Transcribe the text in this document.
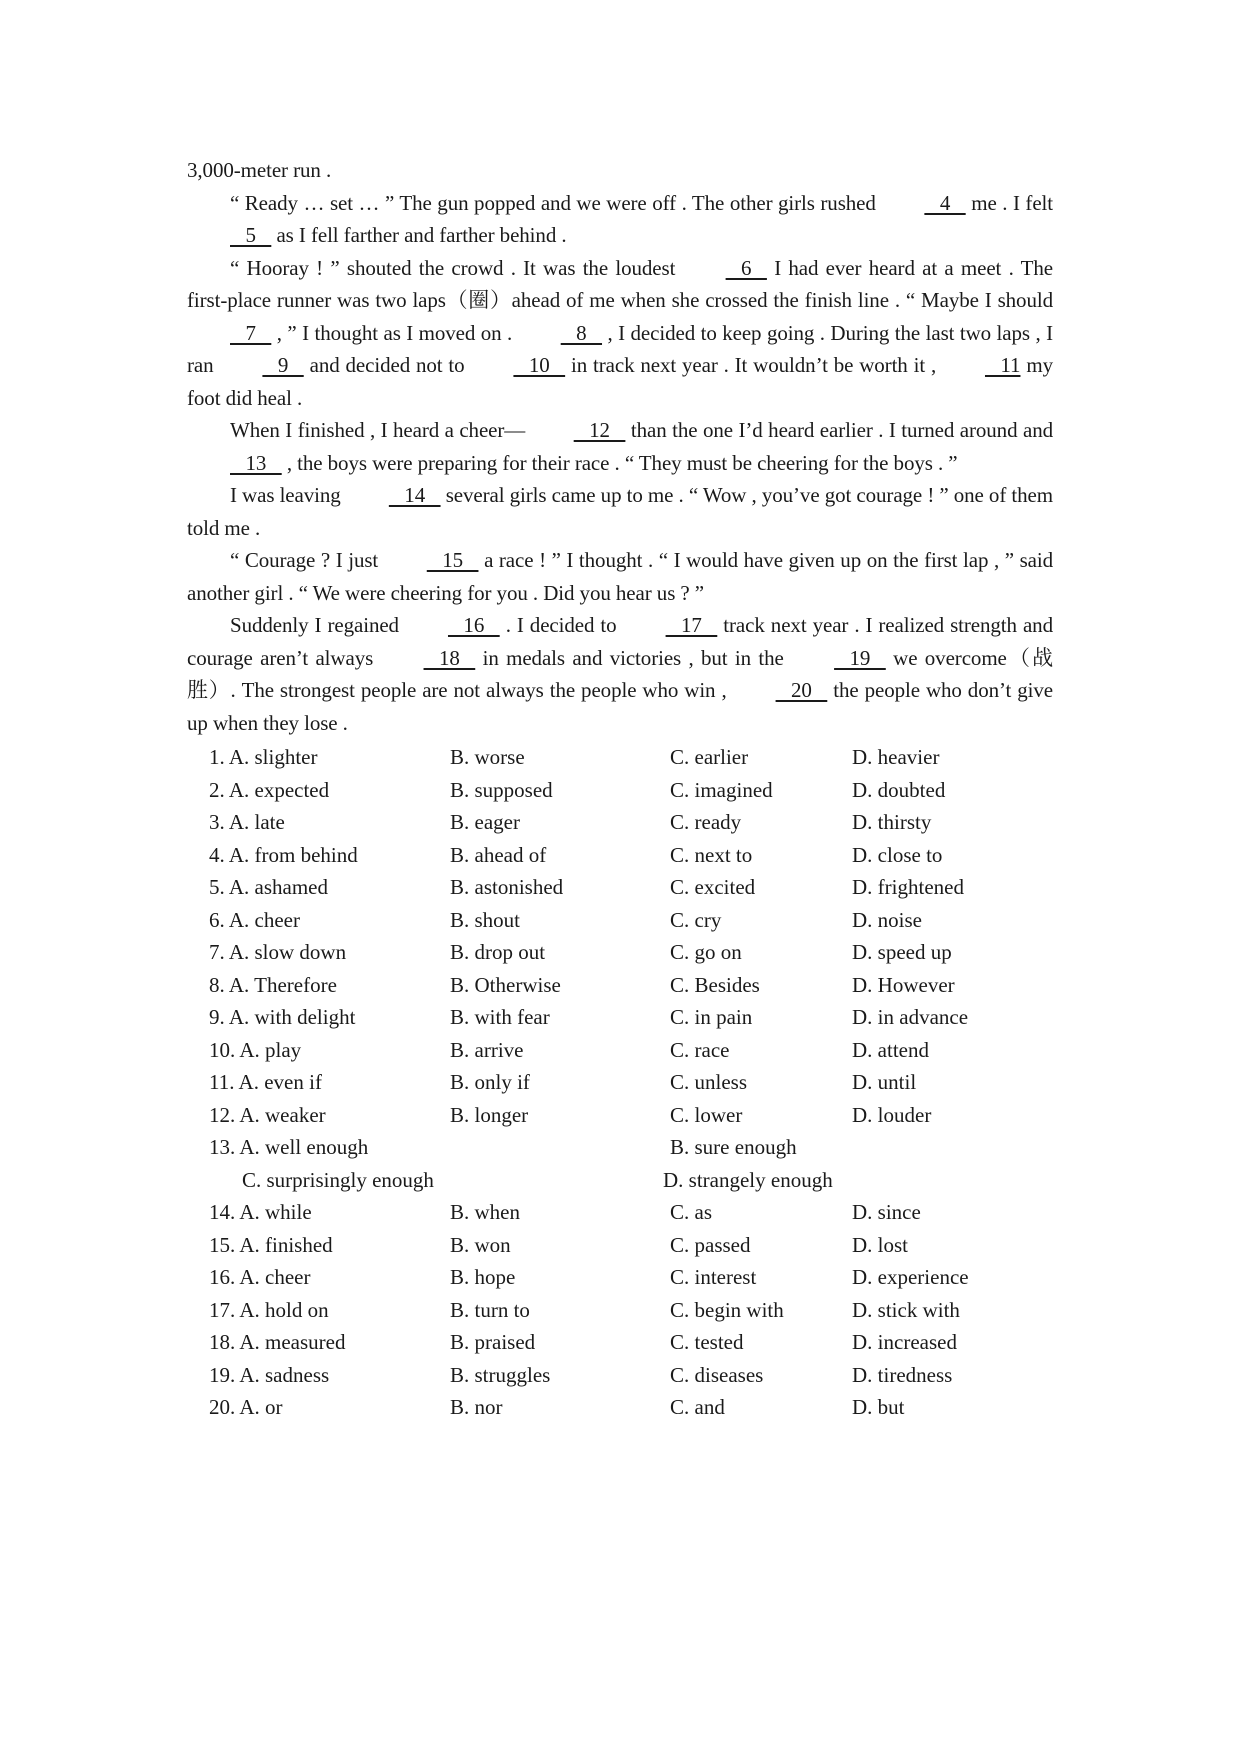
3,000-meter run .

“ Ready … set … ” The gun popped and we were off . The other girls rushed    4    me . I felt    5    as I fell farther and farther behind .

“ Hooray ! ” shouted the crowd . It was the loudest    6    I had ever heard at a meet . The first-place runner was two laps（圈）ahead of me when she crossed the finish line . “ Maybe I should    7    , ” I thought as I moved on .    8    , I decided to keep going . During the last two laps , I ran    9    and decided not to    10    in track next year . It wouldn’t be worth it ,    11 my foot did heal .

When I finished , I heard a cheer—    12    than the one I’d heard earlier . I turned around and    13    , the boys were preparing for their race . “ They must be cheering for the boys . ”

I was leaving    14    several girls came up to me . “ Wow , you’ve got courage ! ” one of them told me .

“ Courage ? I just    15    a race ! ” I thought . “ I would have given up on the first lap , ” said another girl . “ We were cheering for you . Did you hear us ? ”

Suddenly I regained    16    . I decided to    17    track next year . I realized strength and courage aren’t always    18    in medals and victories , but in the    19    we overcome（战胜）. The strongest people are not always the people who win ,    20    the people who don’t give up when they lose .

1. A. slighter	B. worse	C. earlier	D. heavier
2. A. expected	B. supposed	C. imagined	D. doubted
3. A. late	B. eager	C. ready	D. thirsty
4. A. from behind	B. ahead of	C. next to	D. close to
5. A. ashamed	B. astonished	C. excited	D. frightened
6. A. cheer	B. shout	C. cry	D. noise
7. A. slow down	B. drop out	C. go on	D. speed up
8. A. Therefore	B. Otherwise	C. Besides	D. However
9. A. with delight	B. with fear	C. in pain	D. in advance
10. A. play	B. arrive	C. race	D. attend
11. A. even if	B. only if	C. unless	D. until
12. A. weaker	B. longer	C. lower	D. louder
13. A. well enough	B. sure enough
C. surprisingly enough	D. strangely enough
14. A. while	B. when	C. as	D. since
15. A. finished	B. won	C. passed	D. lost
16. A. cheer	B. hope	C. interest	D. experience
17. A. hold on	B. turn to	C. begin with	D. stick with
18. A. measured	B. praised	C. tested	D. increased
19. A. sadness	B. struggles	C. diseases	D. tiredness
20. A. or	B. nor	C. and	D. but
